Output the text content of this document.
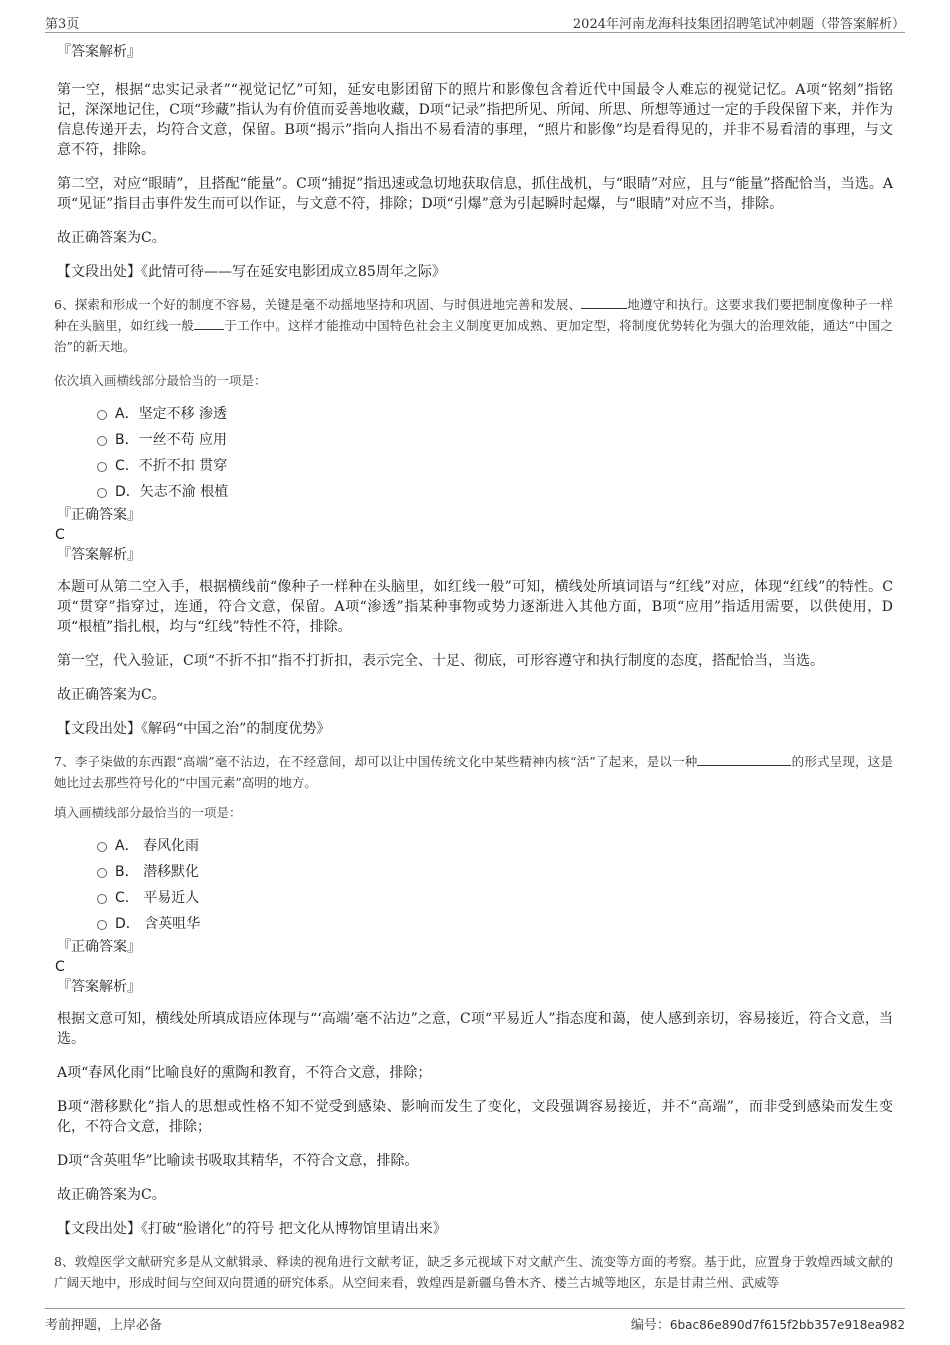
第3页	2024年河南龙海科技集团招聘笔试冲刺题（带答案解析）

『答案解析』

第一空，根据“忠实记录者”“视觉记忆”可知，延安电影团留下的照片和影像包含着近代中国最令人难忘的视觉记忆。A项“铭刻”指铭记，深深地记住，C项“珍藏”指认为有价值而妥善地收藏，D项“记录”指把所见、所闻、所思、所想等通过一定的手段保留下来，并作为信息传递开去，均符合文意，保留。B项“揭示”指向人指出不易看清的事理，“照片和影像”均是看得见的，并非不易看清的事理，与文意不符，排除。

第二空，对应“眼睛”，且搭配“能量”。C项“捕捉”指迅速或急切地获取信息，抓住战机，与“眼睛”对应，且与“能量”搭配恰当，当选。A项“见证”指目击事件发生而可以作证，与文意不符，排除；D项“引爆”意为引起瞬时起爆，与“眼睛”对应不当，排除。

故正确答案为C。

【文段出处】《此情可待——写在延安电影团成立85周年之际》

6、探索和形成一个好的制度不容易，关键是毫不动摇地坚持和巩固、与时俱进地完善和发展、	地遵守和执行。这要求我们要把制度像种子一样种在头脑里，如红线一般 于工作中。这样才能推动中国特色社会主义制度更加成熟、更加定型，将制度优势转化为强大的治理效能，通达“中国之治”的新天地。

依次填入画横线部分最恰当的一项是：

A．坚定不移 渗透
B．一丝不苟 应用
C．不折不扣 贯穿
D．矢志不渝 根植

『正确答案』

C

『答案解析』

本题可从第二空入手，根据横线前“像种子一样种在头脑里，如红线一般”可知，横线处所填词语与“红线”对应，体现“红线”的特性。C项“贯穿”指穿过，连通，符合文意，保留。A项“渗透”指某种事物或势力逐渐进入其他方面，B项“应用”指适用需要，以供使用，D项“根植”指扎根，均与“红线”特性不符，排除。

第一空，代入验证，C项“不折不扣”指不打折扣，表示完全、十足、彻底，可形容遵守和执行制度的态度，搭配恰当，当选。

故正确答案为C。

【文段出处】《解码“中国之治”的制度优势》

7、李子柒做的东西跟“高端”毫不沾边，在不经意间，却可以让中国传统文化中某些精神内核“活”了起来，是以一种	的形式呈现，这是她比过去那些符号化的“中国元素”高明的地方。

填入画横线部分最恰当的一项是：

A． 春风化雨
B． 潜移默化
C． 平易近人
D． 含英咀华

『正确答案』

C

『答案解析』

根据文意可知，横线处所填成语应体现与“‘高端’毫不沾边”之意，C项“平易近人”指态度和蔼，使人感到亲切，容易接近，符合文意，当选。

A项“春风化雨”比喻良好的熏陶和教育，不符合文意，排除；

B项“潜移默化”指人的思想或性格不知不觉受到感染、影响而发生了变化，文段强调容易接近，并不“高端”，而非受到感染而发生变化，不符合文意，排除；

D项“含英咀华”比喻读书吸取其精华，不符合文意，排除。

故正确答案为C。

【文段出处】《打破“脸谱化”的符号 把文化从博物馆里请出来》

8、敦煌医学文献研究多是从文献辑录、释读的视角进行文献考证，缺乏多元视域下对文献产生、流变等方面的考察。基于此，应置身于敦煌西域文献的广阔天地中，形成时间与空间双向贯通的研究体系。从空间来看，敦煌西是新疆乌鲁木齐、楼兰古城等地区，东是甘肃兰州、武威等

考前押题，上岸必备	编号：6bac86e890d7f615f2bb357e918ea982
